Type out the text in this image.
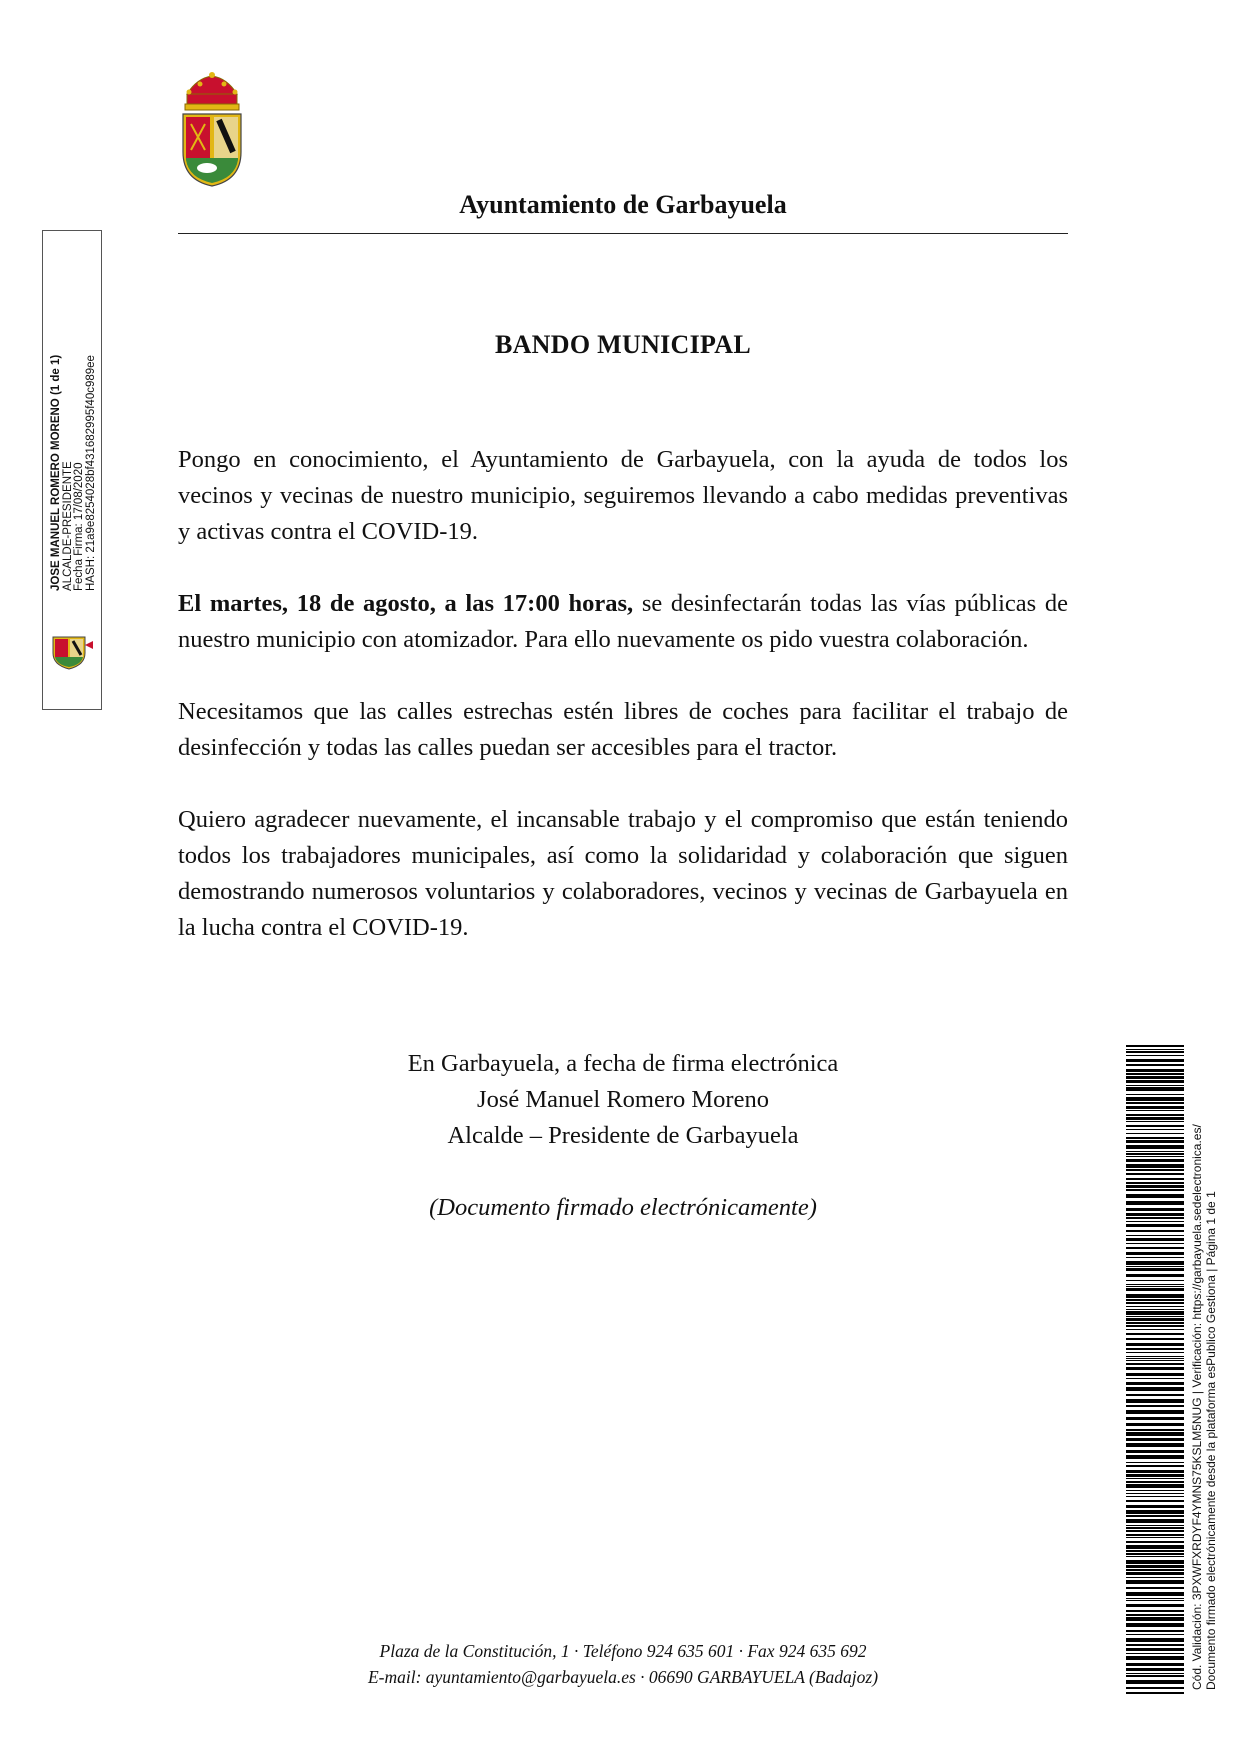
Ayuntamiento de Garbayuela
BANDO MUNICIPAL

Pongo en conocimiento, el Ayuntamiento de Garbayuela, con la ayuda de todos los vecinos y vecinas de nuestro municipio, seguiremos llevando a cabo medidas preventivas y activas contra el COVID-19.

El martes, 18 de agosto, a las 17:00 horas, se desinfectarán todas las vías públicas de nuestro municipio con atomizador. Para ello nuevamente os pido vuestra colaboración.

Necesitamos que las calles estrechas estén libres de coches para facilitar el trabajo de desinfección y todas las calles puedan ser accesibles para el tractor.

Quiero agradecer nuevamente, el incansable trabajo y el compromiso que están teniendo todos los trabajadores municipales, así como la solidaridad y colaboración que siguen demostrando numerosos voluntarios y colaboradores, vecinos y vecinas de Garbayuela en la lucha contra el COVID-19.

En Garbayuela, a fecha de firma electrónica
José Manuel Romero Moreno
Alcalde – Presidente de Garbayuela
(Documento firmado electrónicamente)
Plaza de la Constitución, 1 · Teléfono 924 635 601 · Fax 924 635 692
E-mail: ayuntamiento@garbayuela.es · 06690 GARBAYUELA (Badajoz)
JOSE MANUEL ROMERO MORENO (1 de 1) ALCALDE-PRESIDENTE Fecha Firma: 17/08/2020 HASH: 21a9e8254028bf431682995f40c989ee
Cód. Validación: 3PXWFXRDYF4YMNS75KSLM5NUG | Verificación: https://garbayuela.sedelectronica.es/ Documento firmado electrónicamente desde la plataforma esPublico Gestiona | Página 1 de 1
